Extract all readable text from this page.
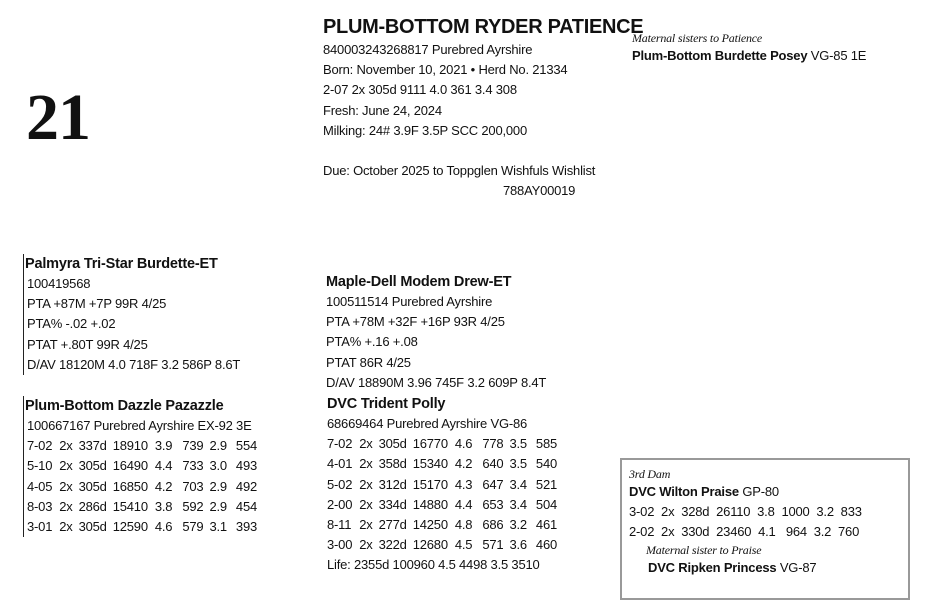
21
PLUM-BOTTOM RYDER PATIENCE
840003243268817 Purebred Ayrshire
Born: November 10, 2021 • Herd No. 21334
2-07 2x 305d 9111 4.0 361 3.4 308
Fresh: June 24, 2024
Milking: 24# 3.9F 3.5P SCC 200,000
Due: October 2025 to Toppglen Wishfuls Wishlist
788AY00019
Maternal sisters to Patience
Plum-Bottom Burdette Posey VG-85 1E
Palmyra Tri-Star Burdette-ET
100419568
PTA +87M +7P 99R 4/25
PTA% -.02 +.02
PTAT +.80T 99R 4/25
D/AV 18120M 4.0 718F 3.2 586P 8.6T
Plum-Bottom Dazzle Pazazzle
100667167 Purebred Ayrshire EX-92 3E
7-02	2x	337d	18910	3.9	739	2.9	554
5-10	2x	305d	16490	4.4	733	3.0	493
4-05	2x	305d	16850	4.2	703	2.9	492
8-03	2x	286d	15410	3.8	592	2.9	454
3-01	2x	305d	12590	4.6	579	3.1	393
Maple-Dell Modem Drew-ET
100511514 Purebred Ayrshire
PTA +78M +32F +16P 93R 4/25
PTA% +.16 +.08
PTAT 86R 4/25
D/AV 18890M 3.96 745F 3.2 609P 8.4T
DVC Trident Polly
68669464 Purebred Ayrshire VG-86
7-02	2x	305d	16770	4.6	778	3.5	585
4-01	2x	358d	15340	4.2	640	3.5	540
5-02	2x	312d	15170	4.3	647	3.4	521
2-00	2x	334d	14880	4.4	653	3.4	504
8-11	2x	277d	14250	4.8	686	3.2	461
3-00	2x	322d	12680	4.5	571	3.6	460
Life: 2355d 100960 4.5 4498 3.5 3510
3rd Dam
DVC Wilton Praise GP-80
3-02  2x  328d  26110  3.8  1000  3.2  833
2-02  2x  330d  23460  4.1   964  3.2  760
Maternal sister to Praise
DVC Ripken Princess VG-87
